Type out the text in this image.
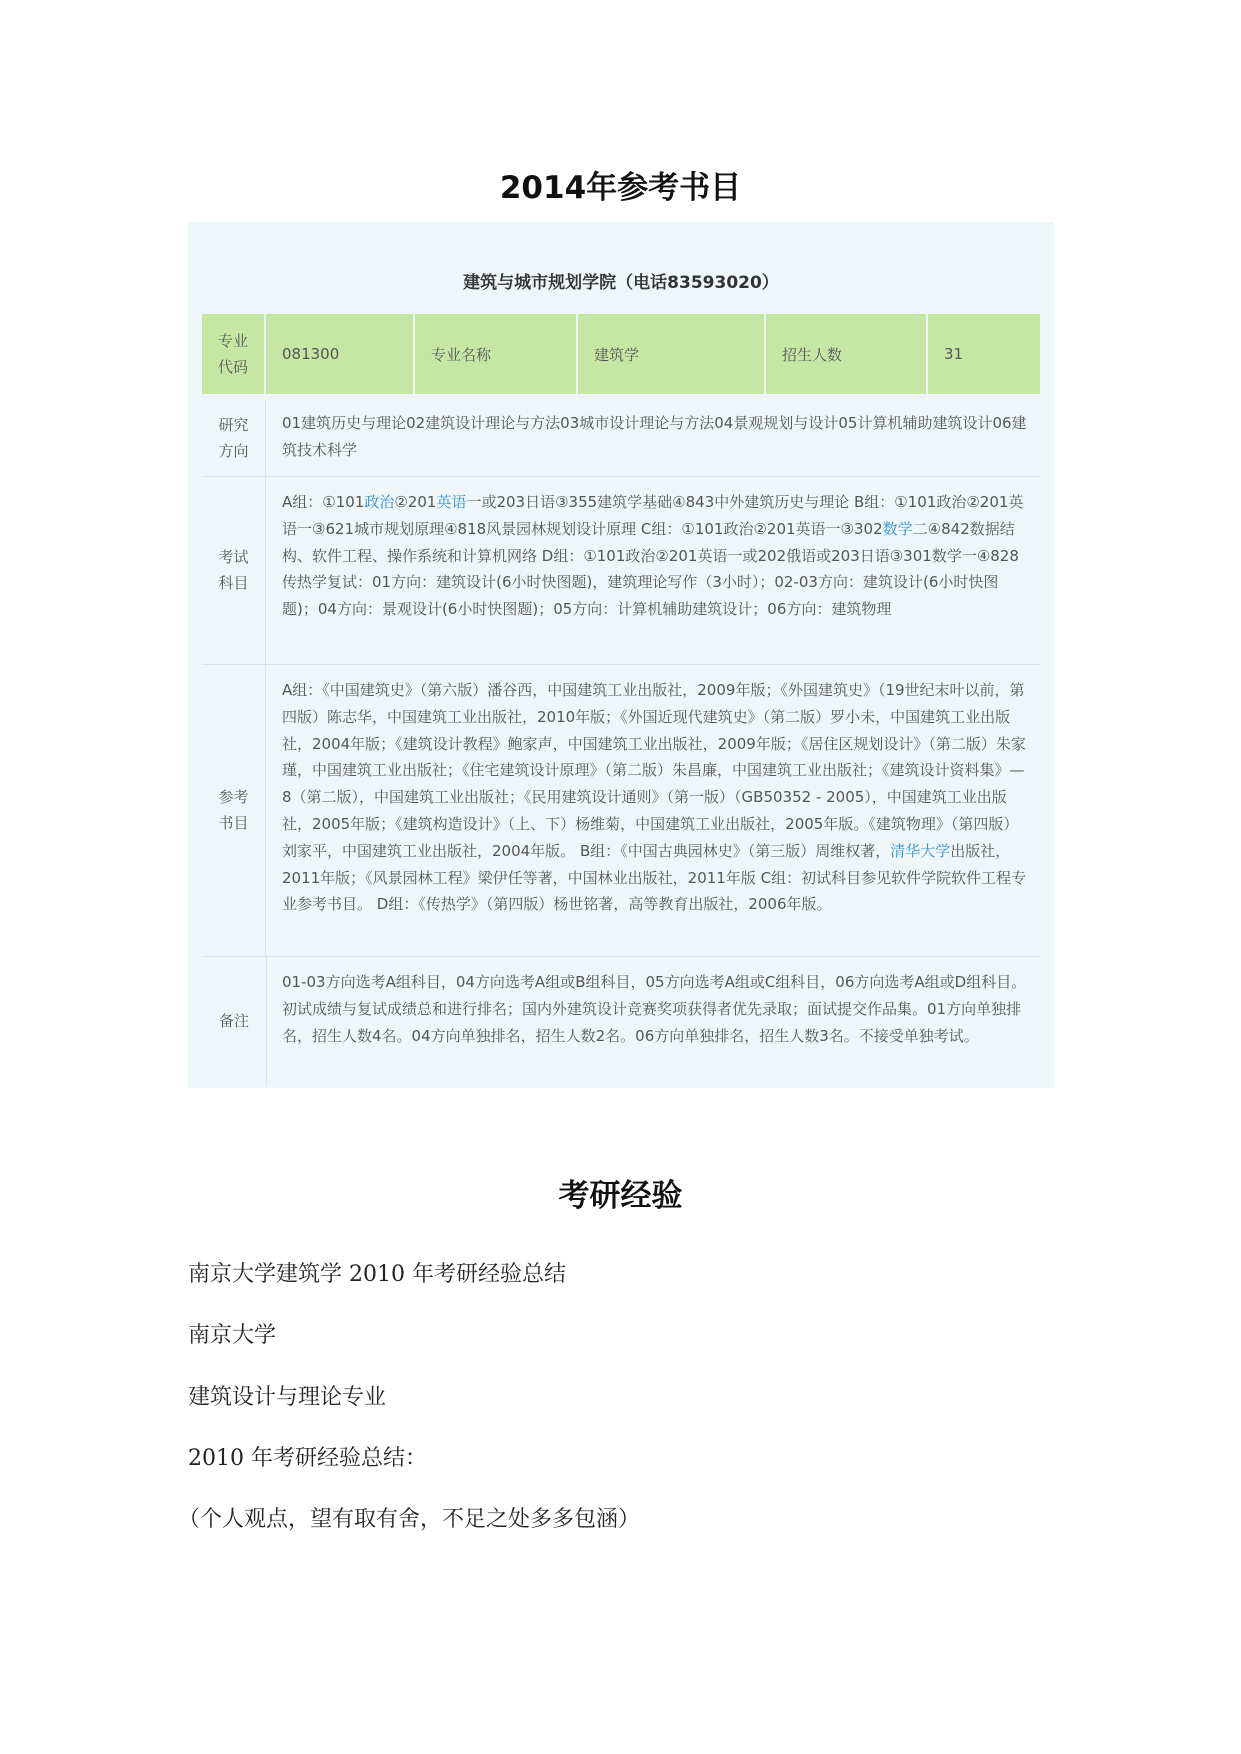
2014年参考书目
建筑与城市规划学院（电话83593020）
专业代码
081300	专业名称	建筑学	招生人数	31
研究方向
01建筑历史与理论02建筑设计理论与方法03城市设计理论与方法04景观规划与设计05计算机辅助建筑设计06建筑技术科学
考试科目
A组：①101政治②201英语一或203日语③355建筑学基础④843中外建筑历史与理论 B组：①101政治②201英语一③621城市规划原理④818风景园林规划设计原理 C组：①101政治②201英语一③302数学二④842数据结构、软件工程、操作系统和计算机网络 D组：①101政治②201英语一或202俄语或203日语③301数学一④828传热学复试：01方向：建筑设计(6小时快图题)，建筑理论写作（3小时）；02-03方向：建筑设计(6小时快图题)；04方向：景观设计(6小时快图题)；05方向：计算机辅助建筑设计；06方向：建筑物理
参考书目
A组：《中国建筑史》（第六版）潘谷西，中国建筑工业出版社，2009年版；《外国建筑史》（19世纪末叶以前，第四版）陈志华，中国建筑工业出版社，2010年版；《外国近现代建筑史》（第二版）罗小未，中国建筑工业出版社，2004年版；《建筑设计教程》鲍家声，中国建筑工业出版社，2009年版；《居住区规划设计》（第二版）朱家瑾，中国建筑工业出版社；《住宅建筑设计原理》（第二版）朱昌廉，中国建筑工业出版社；《建筑设计资料集》—8（第二版），中国建筑工业出版社；《民用建筑设计通则》（第一版）（GB50352 - 2005），中国建筑工业出版社，2005年版；《建筑构造设计》（上、下）杨维菊，中国建筑工业出版社，2005年版。《建筑物理》（第四版）刘家平，中国建筑工业出版社，2004年版。 B组：《中国古典园林史》（第三版）周维权著，清华大学出版社，2011年版；《风景园林工程》梁伊任等著，中国林业出版社，2011年版 C组：初试科目参见软件学院软件工程专业参考书目。 D组：《传热学》（第四版）杨世铭著，高等教育出版社，2006年版。
备注
01-03方向选考A组科目，04方向选考A组或B组科目，05方向选考A组或C组科目，06方向选考A组或D组科目。初试成绩与复试成绩总和进行排名；国内外建筑设计竞赛奖项获得者优先录取；面试提交作品集。01方向单独排名，招生人数4名。04方向单独排名，招生人数2名。06方向单独排名，招生人数3名。不接受单独考试。
考研经验
南京大学建筑学 2010 年考研经验总结
南京大学
建筑设计与理论专业
2010 年考研经验总结：
（个人观点，望有取有舍，不足之处多多包涵）
